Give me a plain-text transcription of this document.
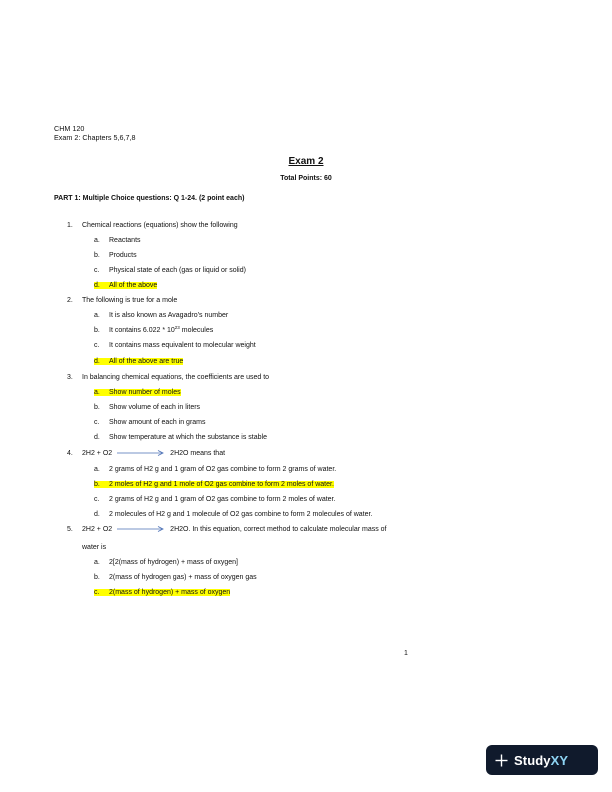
CHM 120
Exam 2: Chapters 5,6,7,8
Exam 2
Total Points: 60
PART 1: Multiple Choice questions: Q 1-24. (2 point each)
1. Chemical reactions (equations) show the following
a. Reactants
b. Products
c. Physical state of each (gas or liquid or solid)
d. All of the above
2. The following is true for a mole
a. It is also known as Avagadro’s number
b. It contains $6.022 * 10^{23}$ molecules
c. It contains mass equivalent to molecular weight
d. All of the above are true
3. In balancing chemical equations, the coefficients are used to
a. Show number of moles
b. Show volume of each in liters
c. Show amount of each in grams
d. Show temperature at which the substance is stable
4. 2H2 + O2	2H2O means that
a. 2 grams of H2 g and 1 gram of O2 gas combine to form 2 grams of water.
b. 2 moles of H2 g and 1 mole of O2 gas combine to form 2 moles of water.
c. 2 grams of H2 g and 1 gram of O2 gas combine to form 2 moles of water.
d. 2 molecules of H2 g and 1 molecule of O2 gas combine to form 2 molecules of water.
5. 2H2 + O2	2H2O. In this equation, correct method to calculate molecular mass of
water is
a. 2[2(mass of hydrogen) + mass of oxygen]
b. 2(mass of hydrogen gas) + mass of oxygen gas
c. 2(mass of hydrogen) + mass of oxygen
1
StudyXY
